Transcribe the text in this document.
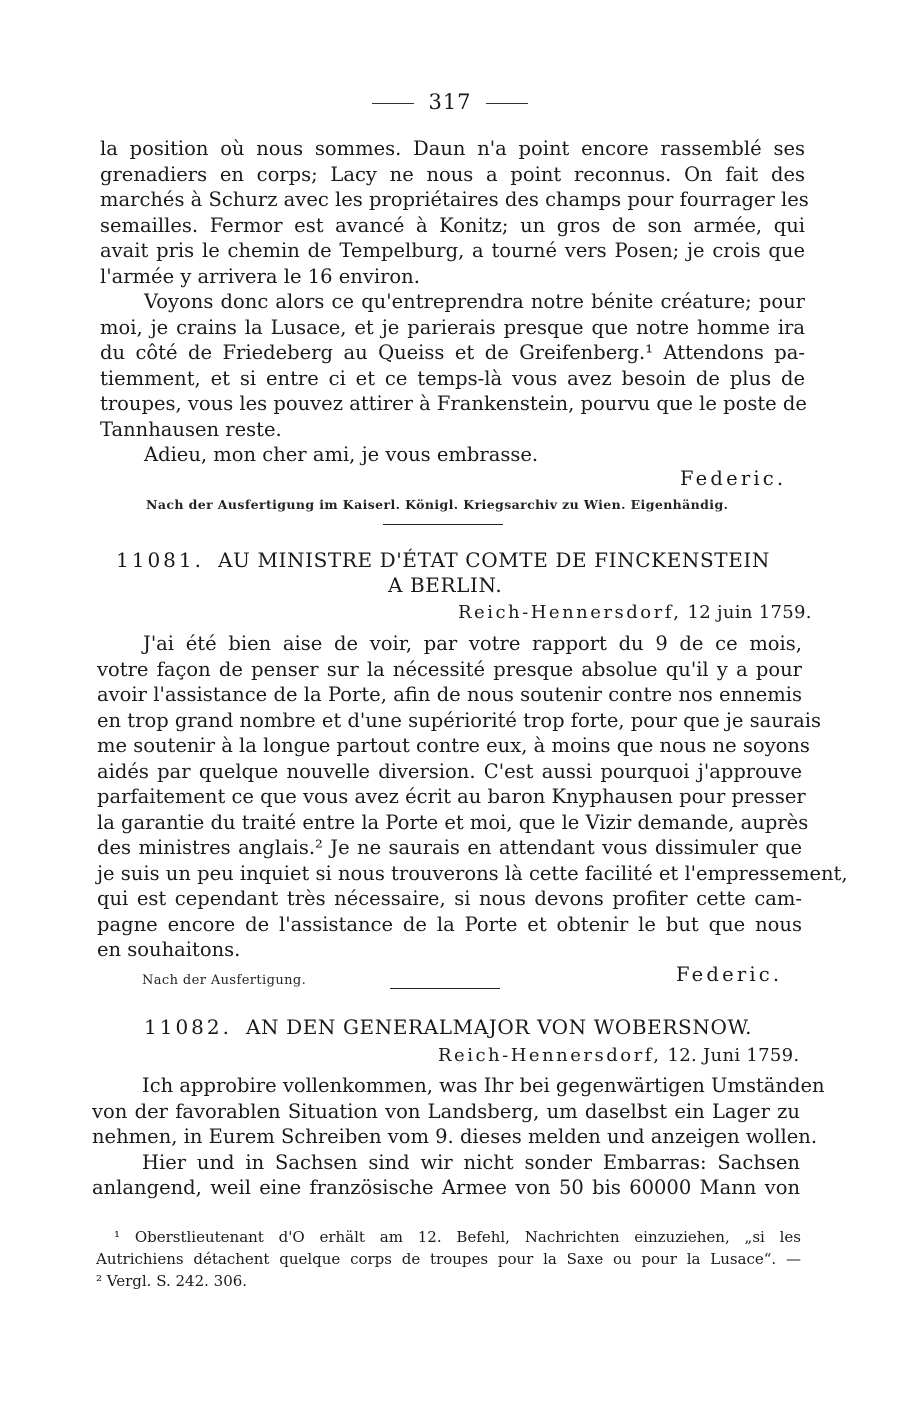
317
la position où nous sommes. Daun n'a point encore rassemblé ses
grenadiers en corps; Lacy ne nous a point reconnus. On fait des
marchés à Schurz avec les propriétaires des champs pour fourrager les
semailles. Fermor est avancé à Konitz; un gros de son armée, qui
avait pris le chemin de Tempelburg, a tourné vers Posen; je crois que
l'armée y arrivera le 16 environ.
Voyons donc alors ce qu'entreprendra notre bénite créature; pour
moi, je crains la Lusace, et je parierais presque que notre homme ira
du côté de Friedeberg au Queiss et de Greifenberg.¹ Attendons pa-
tiemment, et si entre ci et ce temps-là vous avez besoin de plus de
troupes, vous les pouvez attirer à Frankenstein, pourvu que le poste de
Tannhausen reste.
Adieu, mon cher ami, je vous embrasse.
Federic.
Nach der Ausfertigung im Kaiserl. Königl. Kriegsarchiv zu Wien. Eigenhändig.
11081. AU MINISTRE D'ÉTAT COMTE DE FINCKENSTEIN
A BERLIN.
Reich-Hennersdorf, 12 juin 1759.
J'ai été bien aise de voir, par votre rapport du 9 de ce mois,
votre façon de penser sur la nécessité presque absolue qu'il y a pour
avoir l'assistance de la Porte, afin de nous soutenir contre nos ennemis
en trop grand nombre et d'une supériorité trop forte, pour que je saurais
me soutenir à la longue partout contre eux, à moins que nous ne soyons
aidés par quelque nouvelle diversion. C'est aussi pourquoi j'approuve
parfaitement ce que vous avez écrit au baron Knyphausen pour presser
la garantie du traité entre la Porte et moi, que le Vizir demande, auprès
des ministres anglais.² Je ne saurais en attendant vous dissimuler que
je suis un peu inquiet si nous trouverons là cette facilité et l'empressement,
qui est cependant très nécessaire, si nous devons profiter cette cam-
pagne encore de l'assistance de la Porte et obtenir le but que nous
en souhaitons.
Nach der Ausfertigung.	Federic.
11082. AN DEN GENERALMAJOR VON WOBERSNOW.
Reich-Hennersdorf, 12. Juni 1759.
Ich approbire vollenkommen, was Ihr bei gegenwärtigen Umständen
von der favorablen Situation von Landsberg, um daselbst ein Lager zu
nehmen, in Eurem Schreiben vom 9. dieses melden und anzeigen wollen.
Hier und in Sachsen sind wir nicht sonder Embarras: Sachsen
anlangend, weil eine französische Armee von 50 bis 60000 Mann von
¹ Oberstlieutenant d'O erhält am 12. Befehl, Nachrichten einzuziehen, „si les
Autrichiens détachent quelque corps de troupes pour la Saxe ou pour la Lusace“. —
² Vergl. S. 242. 306.
